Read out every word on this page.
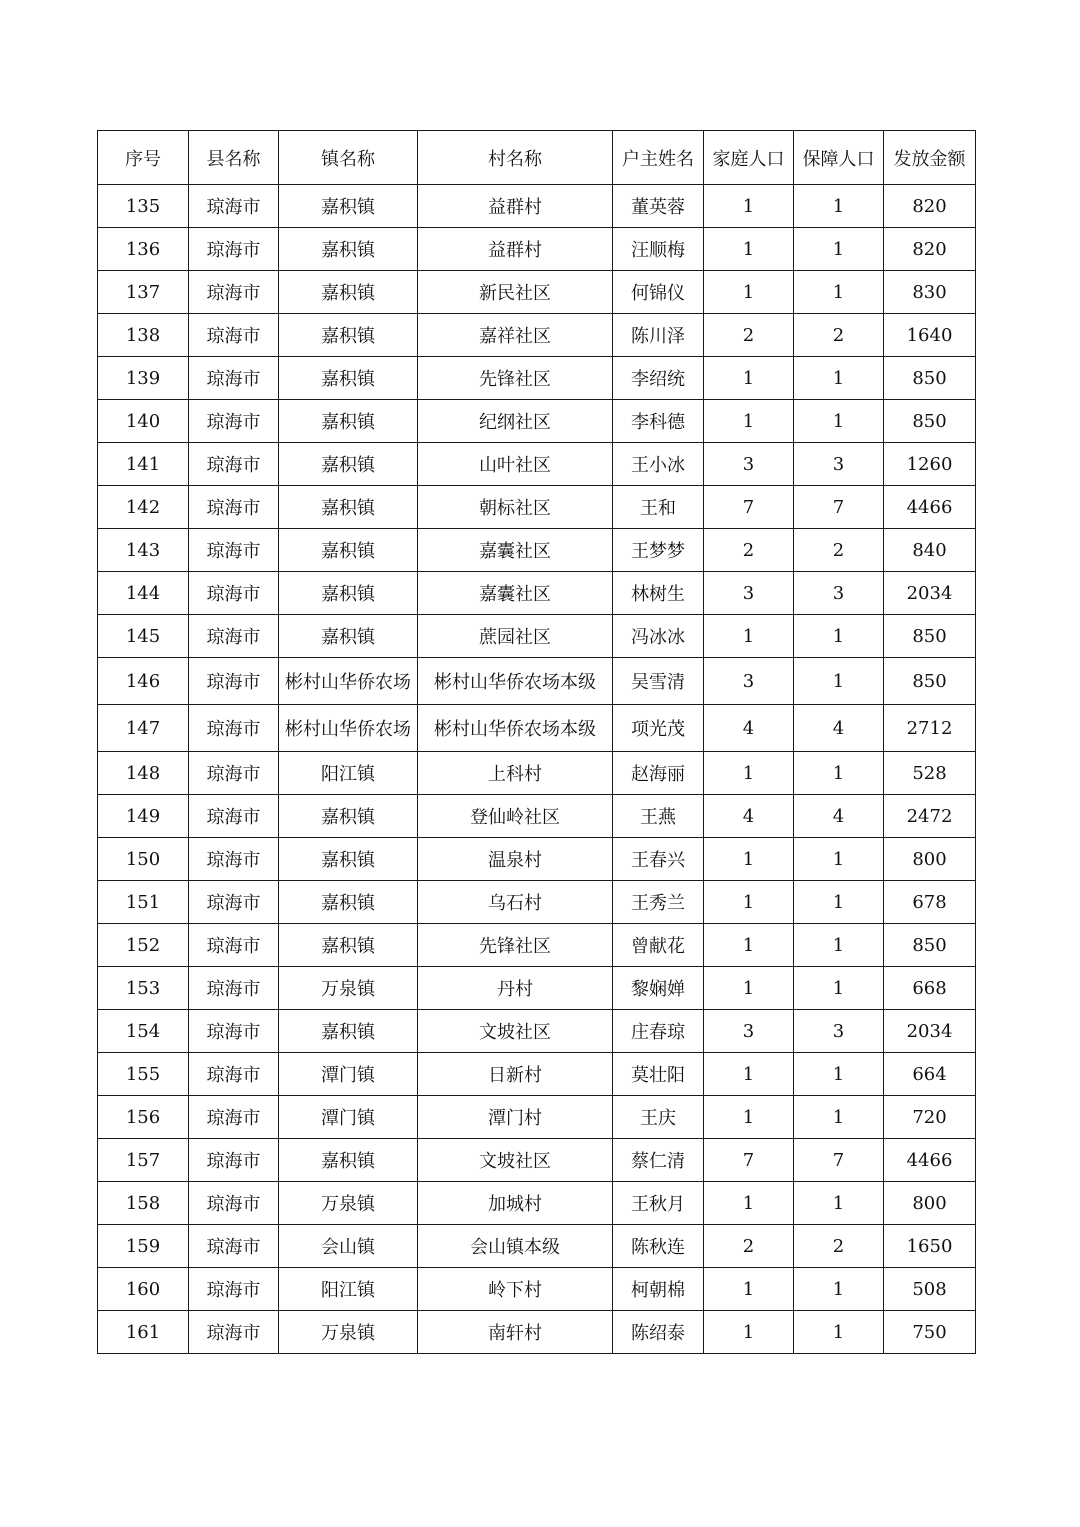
序号	县名称	镇名称	村名称	户主姓名	家庭人口	保障人口	发放金额
135	琼海市	嘉积镇	益群村	董英蓉	1	1	820
136	琼海市	嘉积镇	益群村	汪顺梅	1	1	820
137	琼海市	嘉积镇	新民社区	何锦仪	1	1	830
138	琼海市	嘉积镇	嘉祥社区	陈川泽	2	2	1640
139	琼海市	嘉积镇	先锋社区	李绍统	1	1	850
140	琼海市	嘉积镇	纪纲社区	李科德	1	1	850
141	琼海市	嘉积镇	山叶社区	王小冰	3	3	1260
142	琼海市	嘉积镇	朝标社区	王和	7	7	4466
143	琼海市	嘉积镇	嘉囊社区	王梦梦	2	2	840
144	琼海市	嘉积镇	嘉囊社区	林树生	3	3	2034
145	琼海市	嘉积镇	蔗园社区	冯冰冰	1	1	850
146	琼海市	彬村山华侨农场	彬村山华侨农场本级	吴雪清	3	1	850
147	琼海市	彬村山华侨农场	彬村山华侨农场本级	项光茂	4	4	2712
148	琼海市	阳江镇	上科村	赵海丽	1	1	528
149	琼海市	嘉积镇	登仙岭社区	王燕	4	4	2472
150	琼海市	嘉积镇	温泉村	王春兴	1	1	800
151	琼海市	嘉积镇	乌石村	王秀兰	1	1	678
152	琼海市	嘉积镇	先锋社区	曾献花	1	1	850
153	琼海市	万泉镇	丹村	黎娴婵	1	1	668
154	琼海市	嘉积镇	文坡社区	庄春琼	3	3	2034
155	琼海市	潭门镇	日新村	莫壮阳	1	1	664
156	琼海市	潭门镇	潭门村	王庆	1	1	720
157	琼海市	嘉积镇	文坡社区	蔡仁清	7	7	4466
158	琼海市	万泉镇	加城村	王秋月	1	1	800
159	琼海市	会山镇	会山镇本级	陈秋连	2	2	1650
160	琼海市	阳江镇	岭下村	柯朝棉	1	1	508
161	琼海市	万泉镇	南轩村	陈绍泰	1	1	750
